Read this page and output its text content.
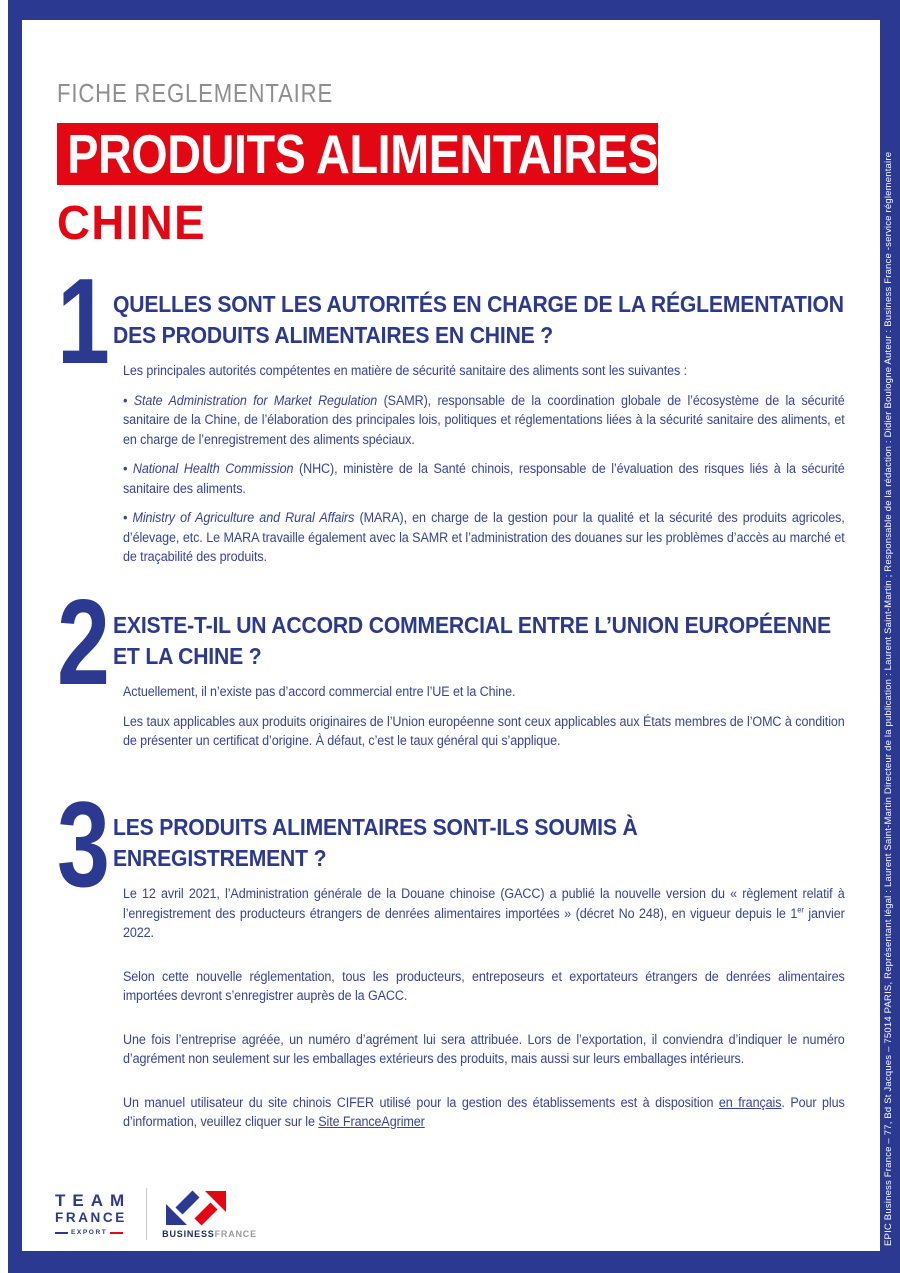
EPIC Business France – 77, Bd St Jacques – 75014 PARIS, Représentant légal : Laurent Saint-Martin Directeur de la publication : Laurent Saint-Martin ; Responsable de la rédaction : Didier Boulogne Auteur : Business France -service réglementaire
FICHE REGLEMENTAIRE
PRODUITS ALIMENTAIRES
CHINE
1 QUELLES SONT LES AUTORITÉS EN CHARGE DE LA RÉGLEMENTATION
DES PRODUITS ALIMENTAIRES EN CHINE ?

Les principales autorités compétentes en matière de sécurité sanitaire des aliments sont les suivantes :

• State Administration for Market Regulation (SAMR), responsable de la coordination globale de l’écosystème de la sécurité sanitaire de la Chine, de l’élaboration des principales lois, politiques et réglementations liées à la sécurité sanitaire des aliments, et en charge de l’enregistrement des aliments spéciaux.

• National Health Commission (NHC), ministère de la Santé chinois, responsable de l’évaluation des risques liés à la sécurité sanitaire des aliments.

• Ministry of Agriculture and Rural Affairs (MARA), en charge de la gestion pour la qualité et la sécurité des produits agricoles, d’élevage, etc. Le MARA travaille également avec la SAMR et l’administration des douanes sur les problèmes d’accès au marché et de traçabilité des produits.

2 EXISTE-T-IL UN ACCORD COMMERCIAL ENTRE L’UNION EUROPÉENNE
ET LA CHINE ?

Actuellement, il n’existe pas d’accord commercial entre l’UE et la Chine.

Les taux applicables aux produits originaires de l’Union européenne sont ceux applicables aux États membres de l’OMC à condition de présenter un certificat d’origine. À défaut, c’est le taux général qui s’applique.

3 LES PRODUITS ALIMENTAIRES SONT-ILS SOUMIS À
ENREGISTREMENT ?

Le 12 avril 2021, l’Administration générale de la Douane chinoise (GACC) a publié la nouvelle version du « règlement relatif à l’enregistrement des producteurs étrangers de denrées alimentaires importées » (décret No 248), en vigueur depuis le 1er janvier 2022.

Selon cette nouvelle réglementation, tous les producteurs, entreposeurs et exportateurs étrangers de denrées alimentaires importées devront s’enregistrer auprès de la GACC.

Une fois l’entreprise agréée, un numéro d’agrément lui sera attribuée. Lors de l’exportation, il conviendra d’indiquer le numéro d’agrément non seulement sur les emballages extérieurs des produits, mais aussi sur leurs emballages intérieurs.

Un manuel utilisateur du site chinois CIFER utilisé pour la gestion des établissements est à disposition en français. Pour plus d’information, veuillez cliquer sur le Site FranceAgrimer

TEAM
FRANCE
EXPORT	BUSINESSFRANCE
